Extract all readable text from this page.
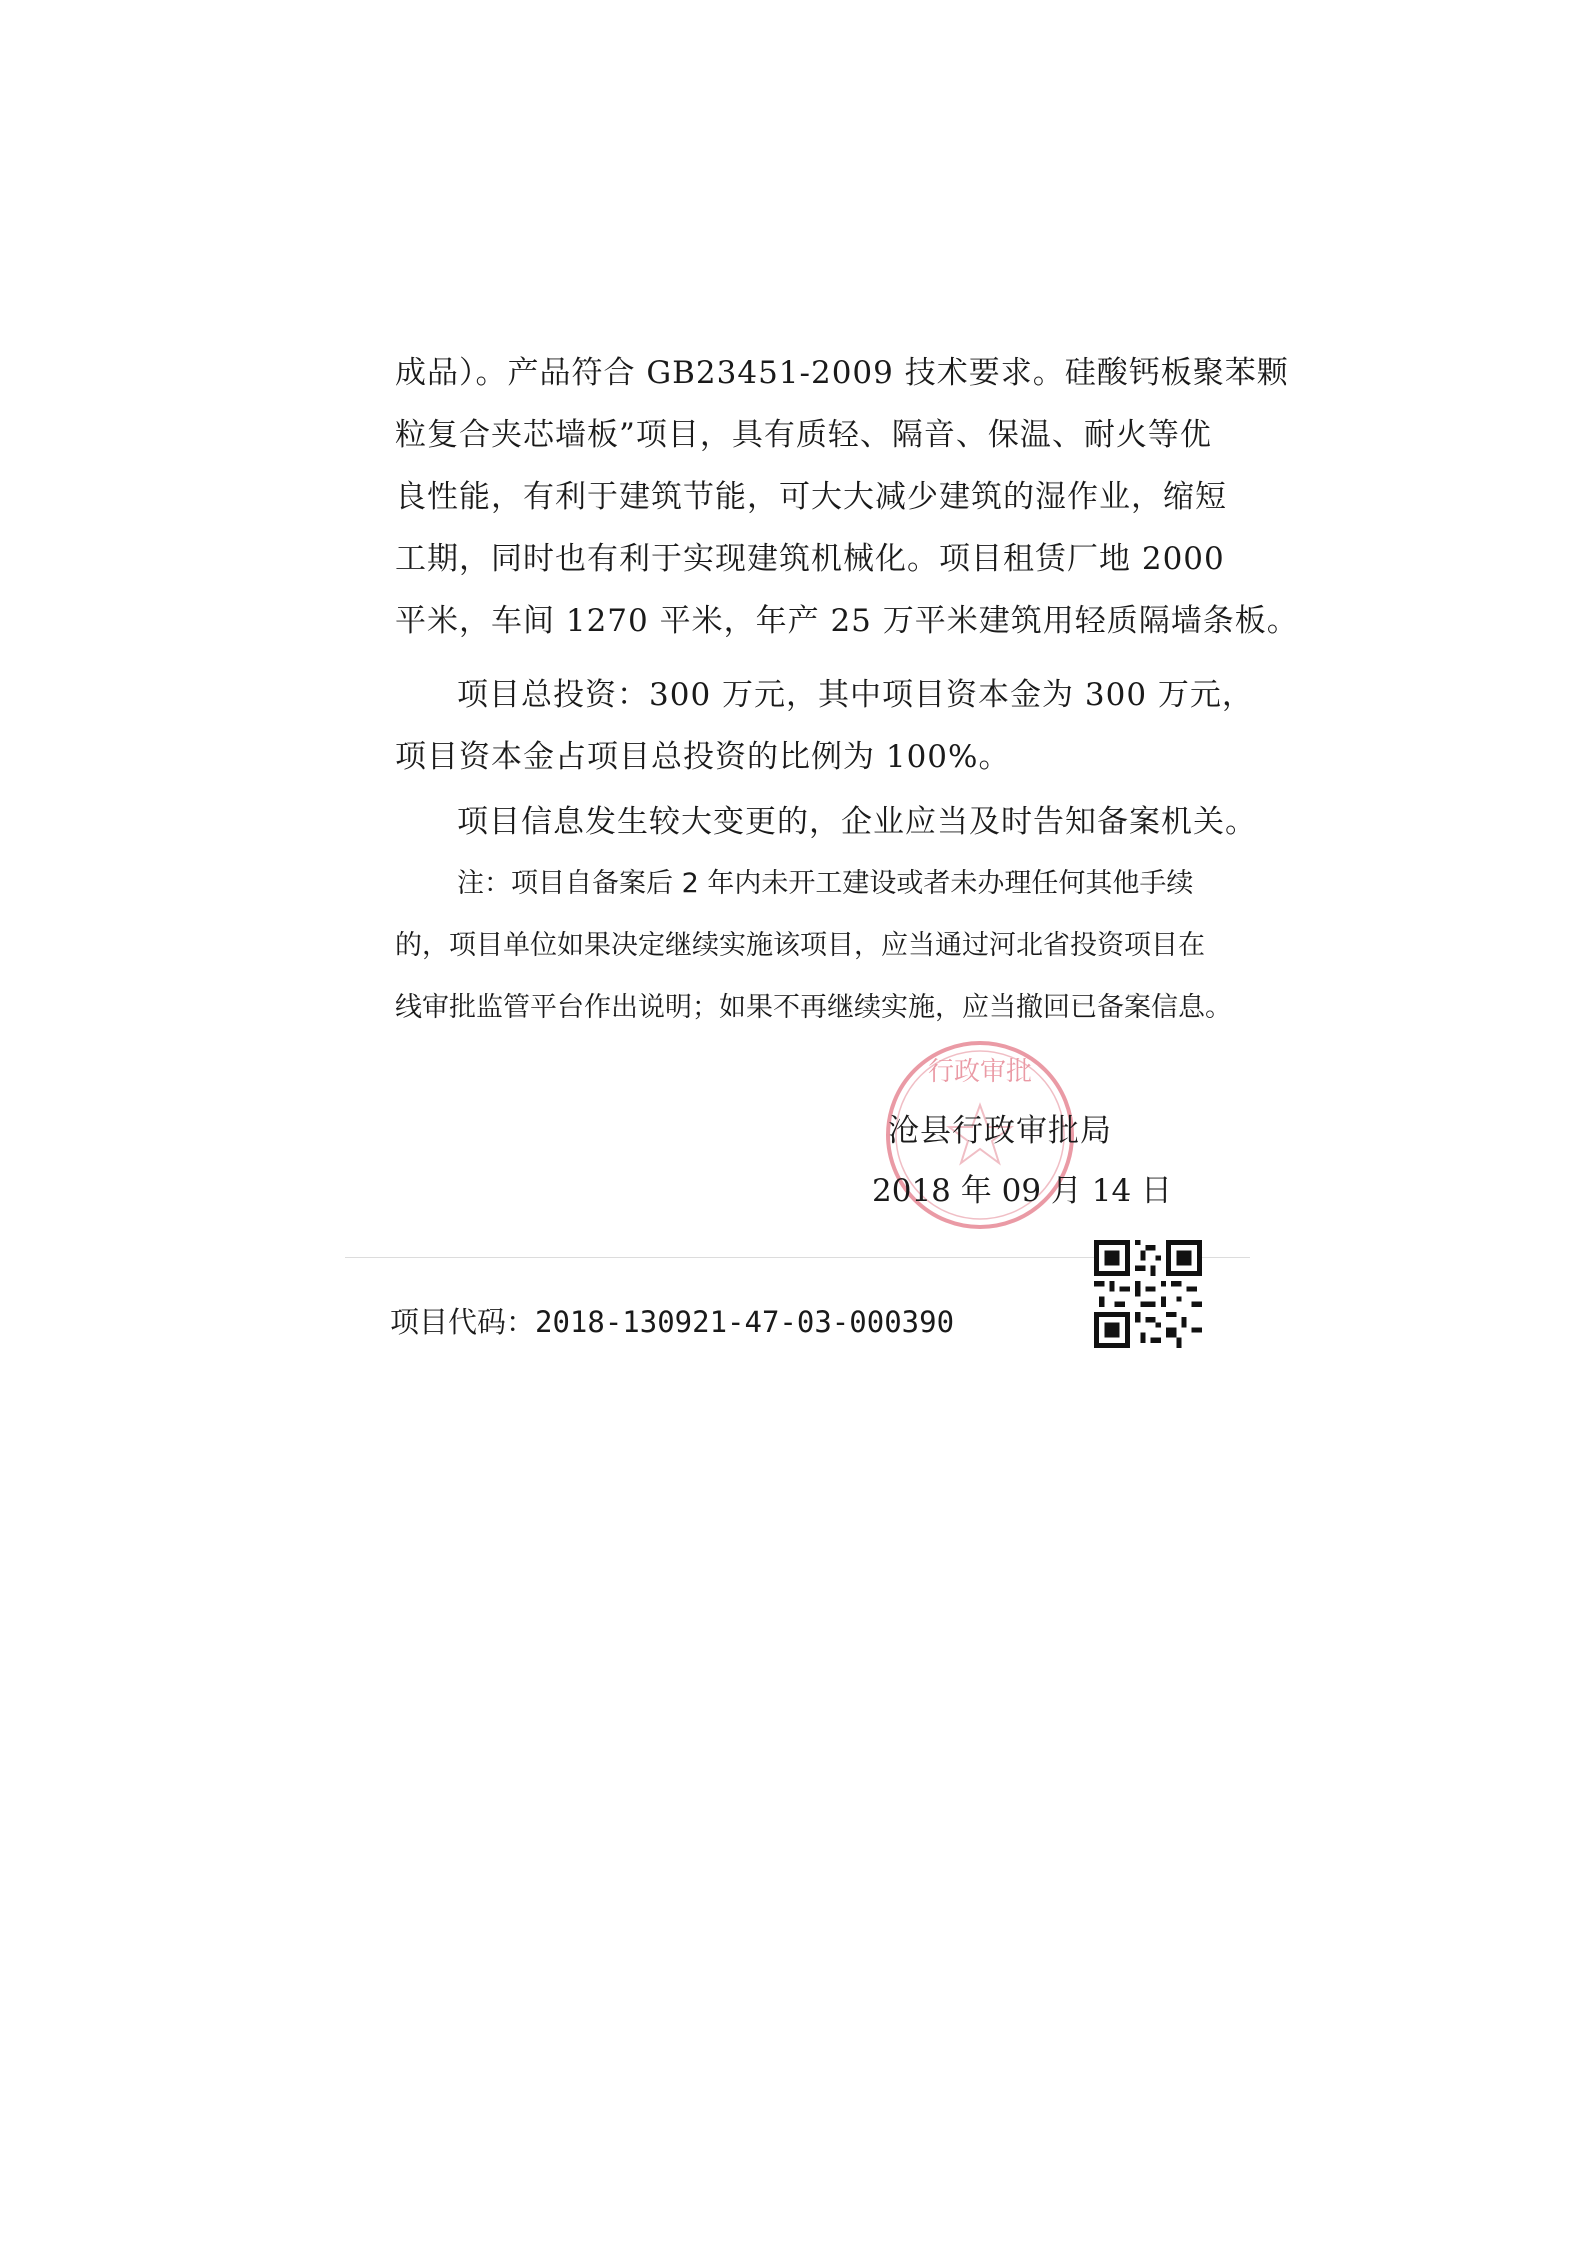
成品）。产品符合 GB23451-2009 技术要求。硅酸钙板聚苯颗
粒复合夹芯墙板”项目，具有质轻、隔音、保温、耐火等优
良性能，有利于建筑节能，可大大减少建筑的湿作业，缩短
工期，同时也有利于实现建筑机械化。项目租赁厂地 2000
平米，车间 1270 平米，年产 25 万平米建筑用轻质隔墙条板。
项目总投资：300 万元，其中项目资本金为 300 万元，
项目资本金占项目总投资的比例为 100%。
项目信息发生较大变更的，企业应当及时告知备案机关。
注：项目自备案后 2 年内未开工建设或者未办理任何其他手续
的，项目单位如果决定继续实施该项目，应当通过河北省投资项目在
线审批监管平台作出说明；如果不再继续实施，应当撤回已备案信息。
行政审批
沧县行政审批局
2018 年 09 月 14 日
项目代码：2018-130921-47-03-000390
